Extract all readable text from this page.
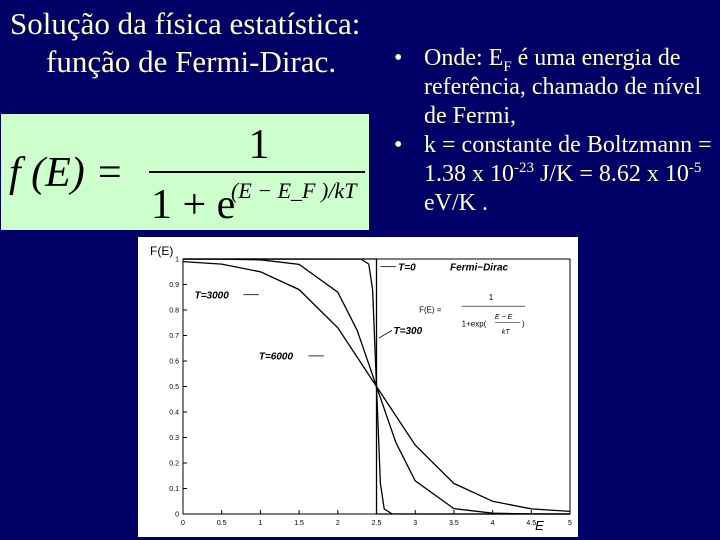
Solução da física estatística:
função de Fermi-Dirac. • Onde: $E_F$ é uma energia de referência, chamado de nível de Fermi,

• k = constante de Boltzmann = 1.38 x $10^{-23}$ J/K = 8.62 x $10^{-5}$ eV/K .

f (E) =
1
1 + e
(E − E_F )/kT
0	0.5	1	1.5	2	2.5	3	3.5	4	4.5	5
0
0.1
0.2
0.3
0.4
0.5
0.6
0.7
0.8
0.9
1
F(E)
E
T=0	Fermi−Dirac
T=3000
T=300
T=6000
F(E) =
1
1+exp(
E − E
kT
)
